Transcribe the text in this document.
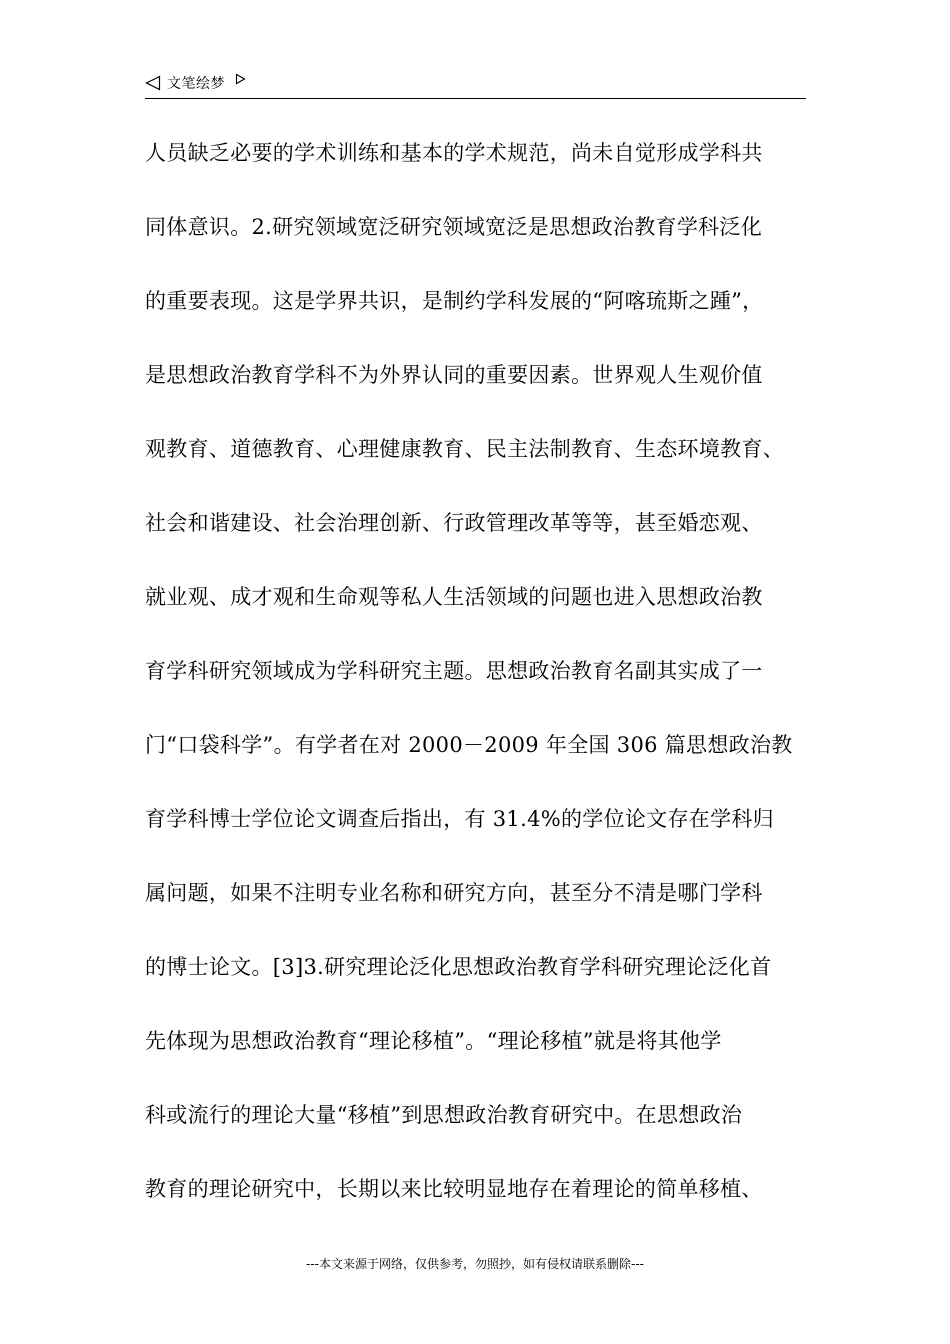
文笔绘梦
人员缺乏必要的学术训练和基本的学术规范，尚未自觉形成学科共
同体意识。2.研究领域宽泛研究领域宽泛是思想政治教育学科泛化
的重要表现。这是学界共识，是制约学科发展的“阿喀琉斯之踵”，
是思想政治教育学科不为外界认同的重要因素。世界观人生观价值
观教育、道德教育、心理健康教育、民主法制教育、生态环境教育、
社会和谐建设、社会治理创新、行政管理改革等等，甚至婚恋观、
就业观、成才观和生命观等私人生活领域的问题也进入思想政治教
育学科研究领域成为学科研究主题。思想政治教育名副其实成了一
门“口袋科学”。有学者在对 2000－2009 年全国 306 篇思想政治教
育学科博士学位论文调查后指出，有 31.4%的学位论文存在学科归
属问题，如果不注明专业名称和研究方向，甚至分不清是哪门学科
的博士论文。[3]3.研究理论泛化思想政治教育学科研究理论泛化首
先体现为思想政治教育“理论移植”。“理论移植”就是将其他学
科或流行的理论大量“移植”到思想政治教育研究中。在思想政治
教育的理论研究中，长期以来比较明显地存在着理论的简单移植、
---本文来源于网络，仅供参考，勿照抄，如有侵权请联系删除---
